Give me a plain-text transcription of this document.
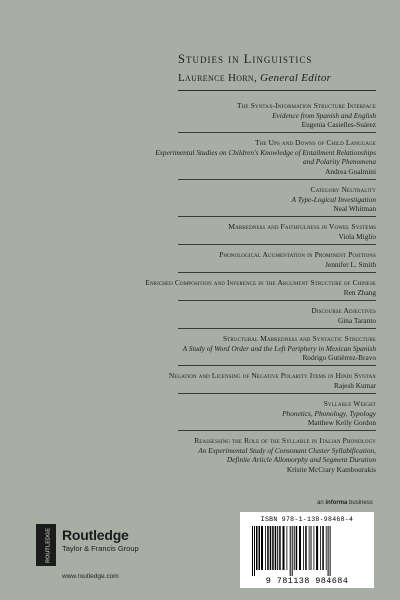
Studies in Linguistics
Laurence Horn, General Editor
The Syntax-Information Structure Interface
Evidence from Spanish and English
Eugenia Casielles-Suárez
The Ups and Downs of Child Language
Experimental Studies on Children's Knowledge of Entailment Relationships
and Polarity Phenomena
Andrea Gualmini
Category Neutrality
A Type-Logical Investigation
Neal Whitman
Markedness and Faithfulness in Vowel Systems
Viola Miglio
Phonological Augmentation in Prominent Positions
Jennifer L. Smith
Enriched Composition and Inference in the Argument Structure of Chinese
Ren Zhang
Discourse Adjectives
Gina Taranto
Structural Markedness and Syntactic Structure
A Study of Word Order and the Left Periphery in Mexican Spanish
Rodrigo Gutiérrez-Bravo
Negation and Licensing of Negative Polarity Items in Hindi Syntax
Rajesh Kumar
Syllable Weight
Phonetics, Phonology, Typology
Matthew Kelly Gordon
Reassessing the Role of the Syllable in Italian Phonology
An Experimental Study of Consonant Cluster Syllabification,
Definite Article Allomorphy and Segment Duration
Kristie McCrary Kambourakis
an informa business
ROUTLEDGE Routledge
Taylor & Francis Group
www.routledge.com
ISBN 978-1-138-98468-4
9 781138 984684
